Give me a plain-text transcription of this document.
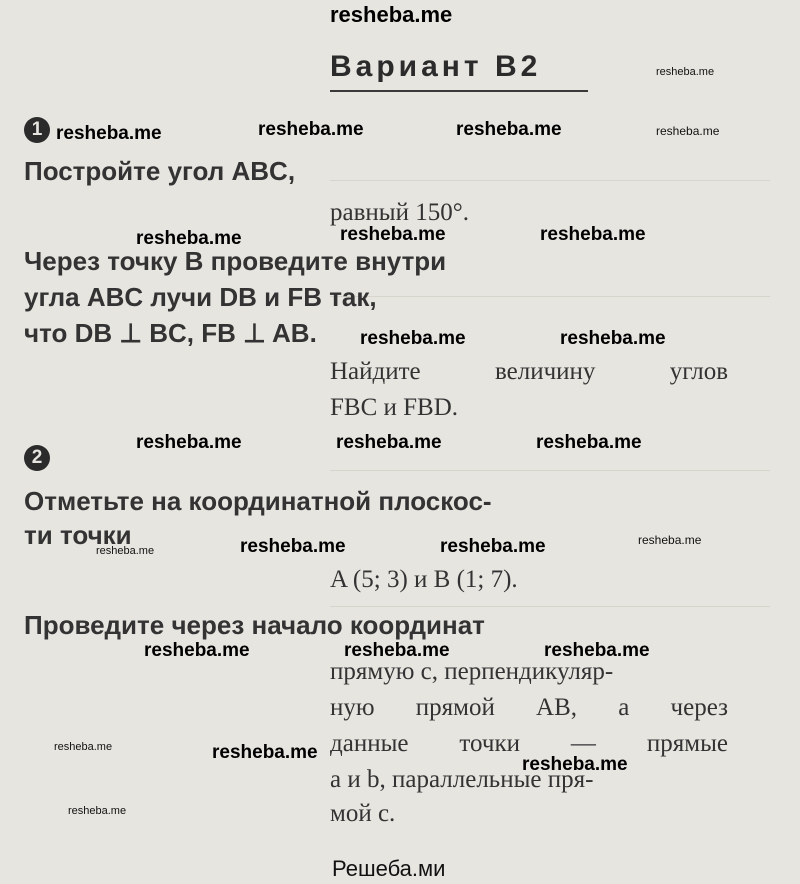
resheba.me
Вариант В2	resheba.me
1 resheba.me	resheba.me	resheba.me	resheba.me
Постройте угол ABC,
равный 150°.
resheba.me	resheba.me	resheba.me
Через точку B проведите внутри
угла ABC лучи DB и FB так,
что DB ⊥ BC, FB ⊥ AB. resheba.me	resheba.me
Найдите	величину	углов
FBC и FBD.
resheba.me	resheba.me	resheba.me
2
Отметьте на координатной плоскос-
ти точки
resheba.me	resheba.me	resheba.me	resheba.me
A (5; 3) и B (1; 7).
Проведите через начало координат
resheba.me	resheba.me	resheba.me
прямую c, перпендикуляр-
ную прямой AB, а через
resheba.me	resheba.me данные точки — прямые
resheba.me
a и b, параллельные пря-
resheba.me	мой c.
Решеба.ми
